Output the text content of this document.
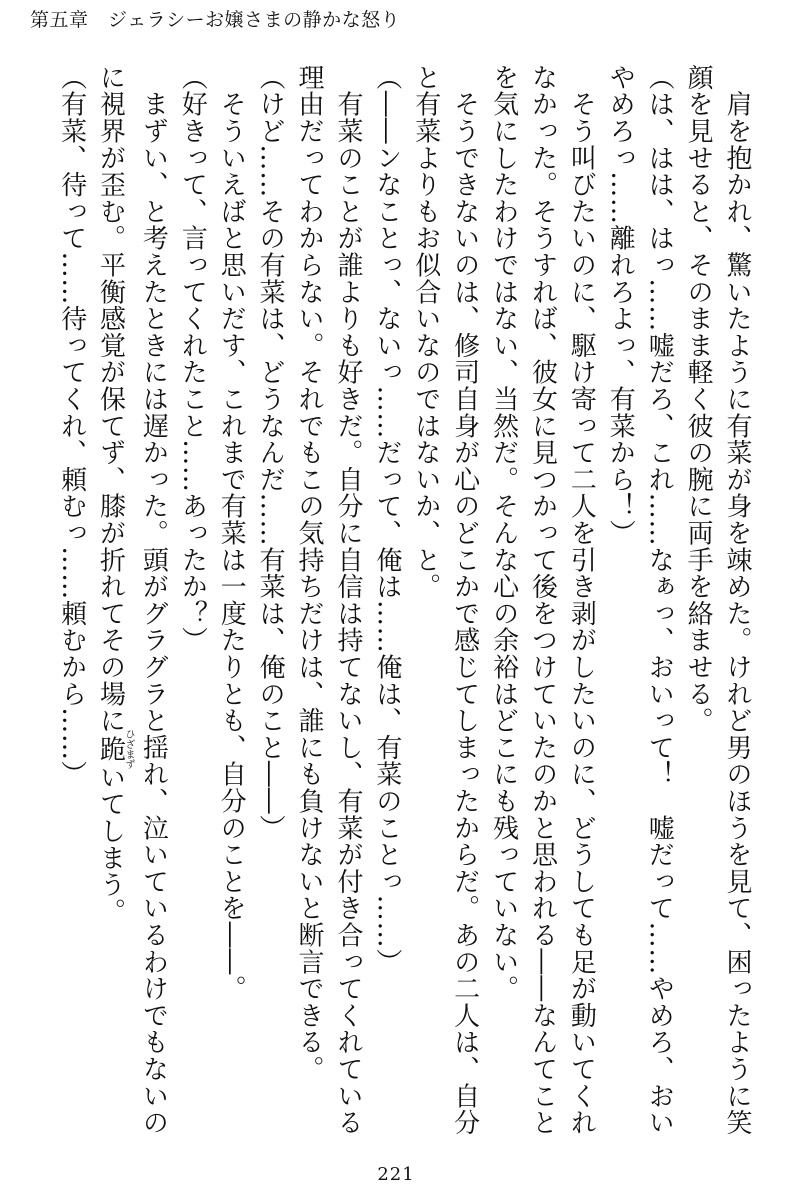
第五章　ジェラシーお嬢さまの静かな怒り
　肩を抱かれ、驚いたように有菜が身を竦めた。けれど男のほうを見て、困ったように笑
顔を見せると、そのまま軽く彼の腕に両手を絡ませる。
（は、はは、はっ……嘘だろ、これ……なぁっ、おいって！　嘘だって……やめろ、おい
やめろっ……離れろよっ、有菜から！）
　そう叫びたいのに、駆け寄って二人を引き剥がしたいのに、どうしても足が動いてくれ
なかった。そうすれば、彼女に見つかって後をつけていたのかと思われる――なんてこと
を気にしたわけではない、当然だ。そんな心の余裕はどこにも残っていない。
　そうできないのは、修司自身が心のどこかで感じてしまったからだ。あの二人は、自分
と有菜よりもお似合いなのではないか、と。
（――ンなことっ、ないっ……だって、俺は……俺は、有菜のことっ……）
　有菜のことが誰よりも好きだ。自分に自信は持てないし、有菜が付き合ってくれている
理由だってわからない。それでもこの気持ちだけは、誰にも負けないと断言できる。
（けど……その有菜は、どうなんだ……有菜は、俺のこと――）
　そういえばと思いだす、これまで有菜は一度たりとも、自分のことを――。
（好きって、言ってくれたこと……あったか？）
　まずい、と考えたときには遅かった。頭がグラグラと揺れ、泣いているわけでもないの
に視界が歪む。平衡感覚が保てず、膝が折れてその場に跪ひざまずいてしまう。
（有菜、待って……待ってくれ、頼むっ……頼むから……）
221
